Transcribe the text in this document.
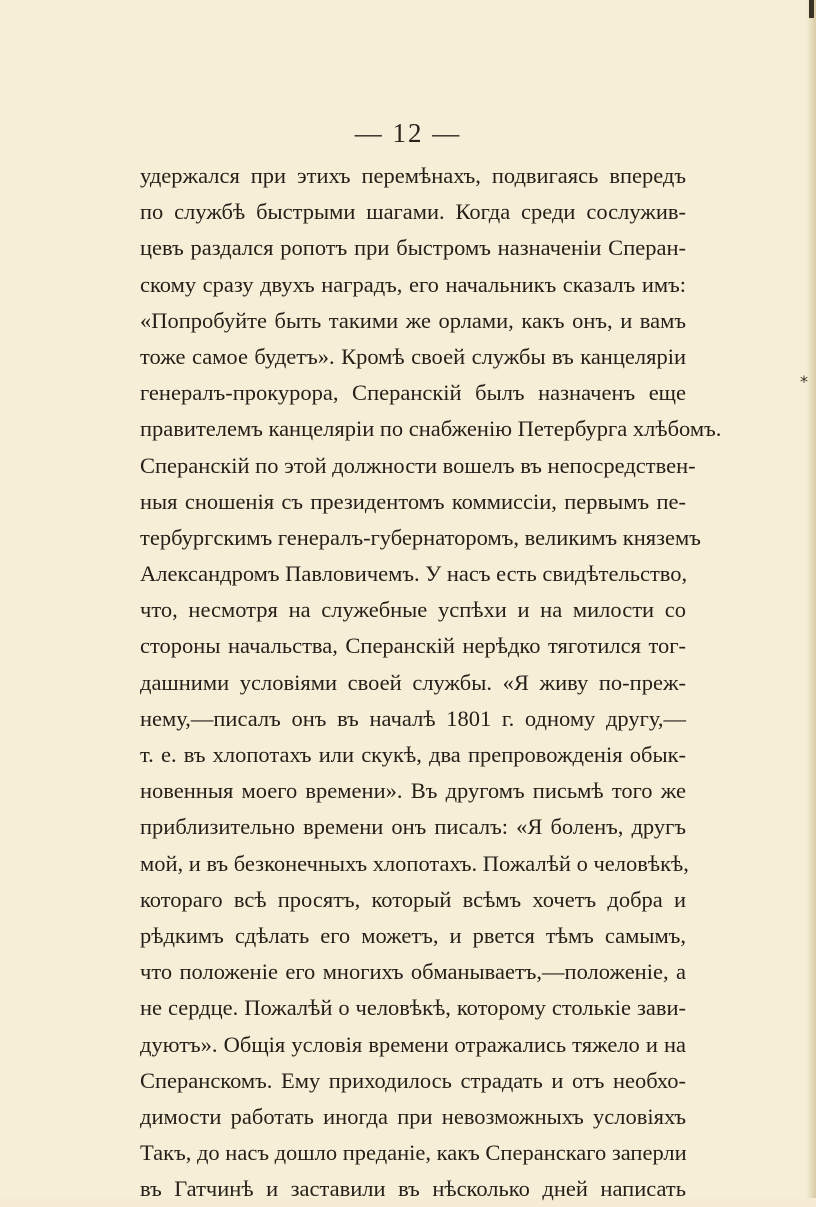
— 12 —
*
удержался при этихъ перемѣнахъ, подвигаясь впередъ
по службѣ быстрыми шагами. Когда среди сослужив-
цевъ раздался ропотъ при быстромъ назначенiи Сперан-
скому сразу двухъ наградъ, его начальникъ сказалъ имъ:
«Попробуйте быть такими же орлами, какъ онъ, и вамъ
тоже самое будетъ». Кромѣ своей службы въ канцелярiи
генералъ-прокурора, Сперанскiй былъ назначенъ еще
правителемъ канцелярiи по снабженiю Петербурга хлѣбомъ.
Сперанскiй по этой должности вошелъ въ непосредствен-
ныя сношенiя съ президентомъ коммиссiи, первымъ пе-
тербургскимъ генералъ-губернаторомъ, великимъ княземъ
Александромъ Павловичемъ. У насъ есть свидѣтельство,
что, несмотря на служебные успѣхи и на милости со
стороны начальства, Сперанскiй нерѣдко тяготился тог-
дашними условiями своей службы. «Я живу по-преж-
нему,—писалъ онъ въ началѣ 1801 г. одному другу,—
т. е. въ хлопотахъ или скукѣ, два препровожденiя обык-
новенныя моего времени». Въ другомъ письмѣ того же
приблизительно времени онъ писалъ: «Я боленъ, другъ
мой, и въ безконечныхъ хлопотахъ. Пожалѣй о человѣкѣ,
котораго всѣ просятъ, который всѣмъ хочетъ добра и
рѣдкимъ сдѣлать его можетъ, и рвется тѣмъ самымъ,
что положенiе его многихъ обманываетъ,—положенiе, а
не сердце. Пожалѣй о человѣкѣ, которому столькiе зави-
дуютъ». Общiя условiя времени отражались тяжело и на
Сперанскомъ. Ему приходилось страдать и отъ необхо-
димости работать иногда при невозможныхъ условiяхъ
Такъ, до насъ дошло преданiе, какъ Сперанскаго заперли
въ Гатчинѣ и заставили въ нѣсколько дней написать
